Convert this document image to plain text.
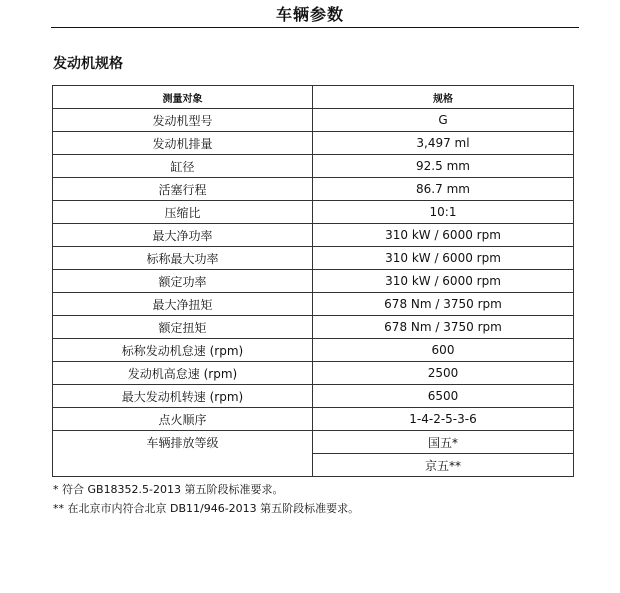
车辆参数
发动机规格
测量对象	规格
发动机型号	G
发动机排量	3,497 ml
缸径	92.5 mm
活塞行程	86.7 mm
压缩比	10:1
最大净功率	310 kW / 6000 rpm
标称最大功率	310 kW / 6000 rpm
额定功率	310 kW / 6000 rpm
最大净扭矩	678 Nm / 3750 rpm
额定扭矩	678 Nm / 3750 rpm
标称发动机怠速 (rpm)	600
发动机高怠速 (rpm)	2500
最大发动机转速 (rpm)	6500
点火顺序	1-4-2-5-3-6
车辆排放等级	国五*
	京五**
* 符合 GB18352.5-2013 第五阶段标准要求。
** 在北京市内符合北京 DB11/946-2013 第五阶段标准要求。
